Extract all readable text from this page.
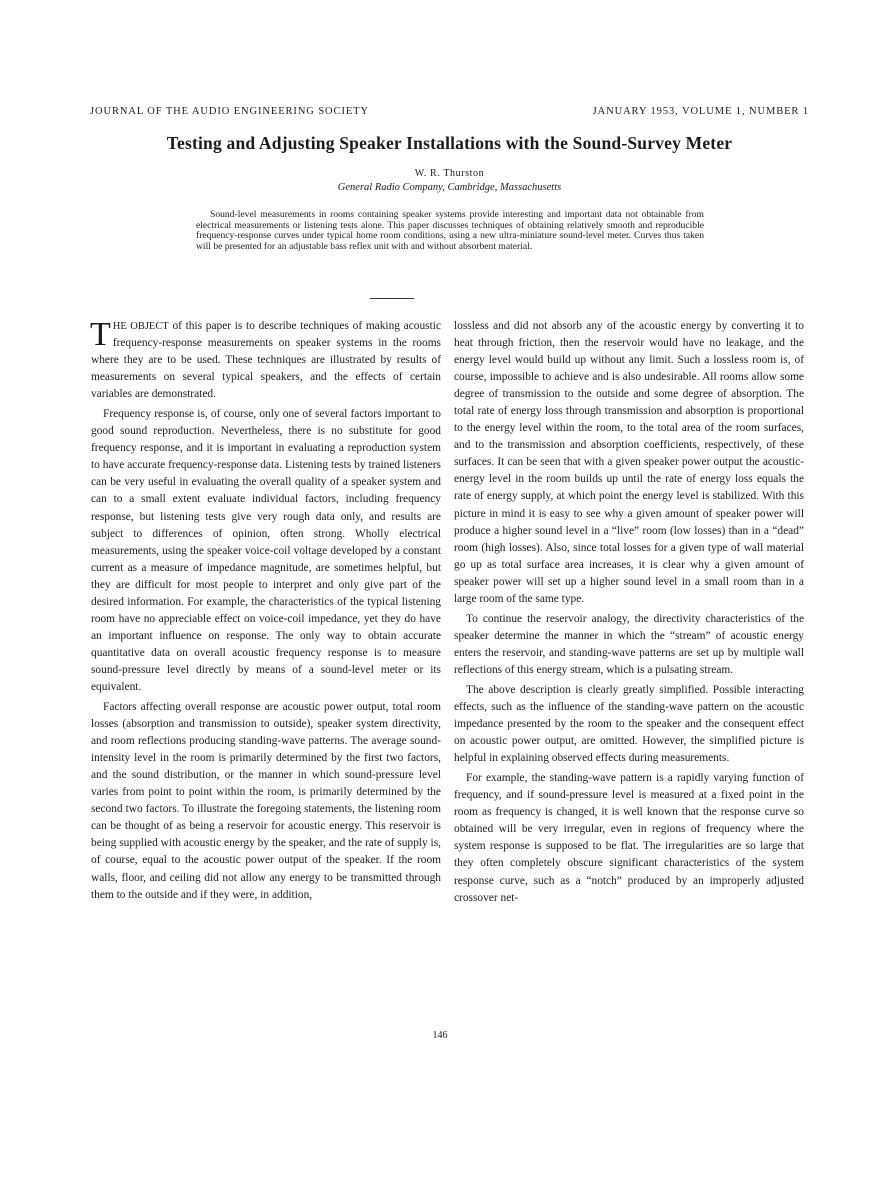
JOURNAL OF THE AUDIO ENGINEERING SOCIETY	JANUARY 1953, VOLUME 1, NUMBER 1
Testing and Adjusting Speaker Installations with the Sound-Survey Meter
W. R. Thurston
General Radio Company, Cambridge, Massachusetts
Sound-level measurements in rooms containing speaker systems provide interesting and important data not obtainable from electrical measurements or listening tests alone. This paper discusses techniques of obtaining relatively smooth and reproducible frequency-response curves under typical home room conditions, using a new ultra-miniature sound-level meter. Curves thus taken will be presented for an adjustable bass reflex unit with and without absorbent material.

THE OBJECT of this paper is to describe techniques of making acoustic frequency-response measurements on speaker systems in the rooms where they are to be used. These techniques are illustrated by results of measurements on several typical speakers, and the effects of certain variables are demonstrated.

Frequency response is, of course, only one of several factors important to good sound reproduction. Nevertheless, there is no substitute for good frequency response, and it is important in evaluating a reproduction system to have accurate frequency-response data. Listening tests by trained listeners can be very useful in evaluating the overall quality of a speaker system and can to a small extent evaluate individual factors, including frequency response, but listening tests give very rough data only, and results are subject to differences of opinion, often strong. Wholly electrical measurements, using the speaker voice-coil voltage developed by a constant current as a measure of impedance magnitude, are sometimes helpful, but they are difficult for most people to interpret and only give part of the desired information. For example, the characteristics of the typical listening room have no appreciable effect on voice-coil impedance, yet they do have an important influence on response. The only way to obtain accurate quantitative data on overall acoustic frequency response is to measure sound-pressure level directly by means of a sound-level meter or its equivalent.

Factors affecting overall response are acoustic power output, total room losses (absorption and transmission to outside), speaker system directivity, and room reflections producing standing-wave patterns. The average sound-intensity level in the room is primarily determined by the first two factors, and the sound distribution, or the manner in which sound-pressure level varies from point to point within the room, is primarily determined by the second two factors. To illustrate the foregoing statements, the listening room can be thought of as being a reservoir for acoustic energy. This reservoir is being supplied with acoustic energy by the speaker, and the rate of supply is, of course, equal to the acoustic power output of the speaker. If the room walls, floor, and ceiling did not allow any energy to be transmitted through them to the outside and if they were, in addition,

lossless and did not absorb any of the acoustic energy by converting it to heat through friction, then the reservoir would have no leakage, and the energy level would build up without any limit. Such a lossless room is, of course, impossible to achieve and is also undesirable. All rooms allow some degree of transmission to the outside and some degree of absorption. The total rate of energy loss through transmission and absorption is proportional to the energy level within the room, to the total area of the room surfaces, and to the transmission and absorption coefficients, respectively, of these surfaces. It can be seen that with a given speaker power output the acoustic-energy level in the room builds up until the rate of energy loss equals the rate of energy supply, at which point the energy level is stabilized. With this picture in mind it is easy to see why a given amount of speaker power will produce a higher sound level in a “live” room (low losses) than in a “dead” room (high losses). Also, since total losses for a given type of wall material go up as total surface area increases, it is clear why a given amount of speaker power will set up a higher sound level in a small room than in a large room of the same type.

To continue the reservoir analogy, the directivity characteristics of the speaker determine the manner in which the “stream” of acoustic energy enters the reservoir, and standing-wave patterns are set up by multiple wall reflections of this energy stream, which is a pulsating stream.

The above description is clearly greatly simplified. Possible interacting effects, such as the influence of the standing-wave pattern on the acoustic impedance presented by the room to the speaker and the consequent effect on acoustic power output, are omitted. However, the simplified picture is helpful in explaining observed effects during measurements.

For example, the standing-wave pattern is a rapidly varying function of frequency, and if sound-pressure level is measured at a fixed point in the room as frequency is changed, it is well known that the response curve so obtained will be very irregular, even in regions of frequency where the system response is supposed to be flat. The irregularities are so large that they often completely obscure significant characteristics of the system response curve, such as a “notch” produced by an improperly adjusted crossover net-

146
